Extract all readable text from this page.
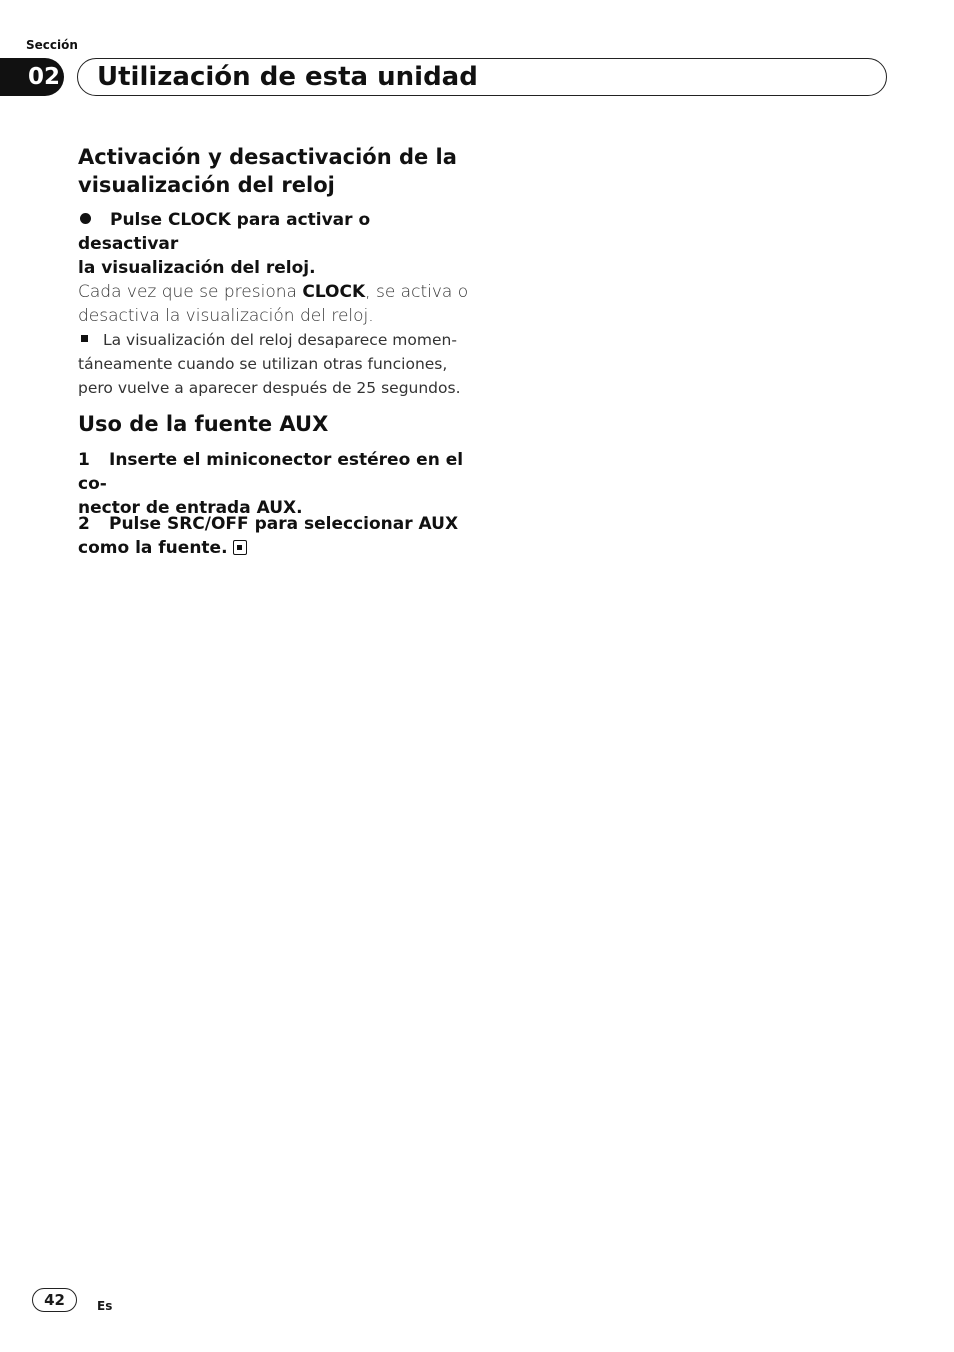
Sección
02 Utilización de esta unidad
Activación y desactivación de la
visualización del reloj
Pulse CLOCK para activar o desactivar
la visualización del reloj.
Cada vez que se presiona CLOCK, se activa o
desactiva la visualización del reloj.
La visualización del reloj desaparece momen-
táneamente cuando se utilizan otras funciones,
pero vuelve a aparecer después de 25 segundos.
Uso de la fuente AUX
1 Inserte el miniconector estéreo en el co-
nector de entrada AUX.
2 Pulse SRC/OFF para seleccionar AUX
como la fuente.
42	Es
